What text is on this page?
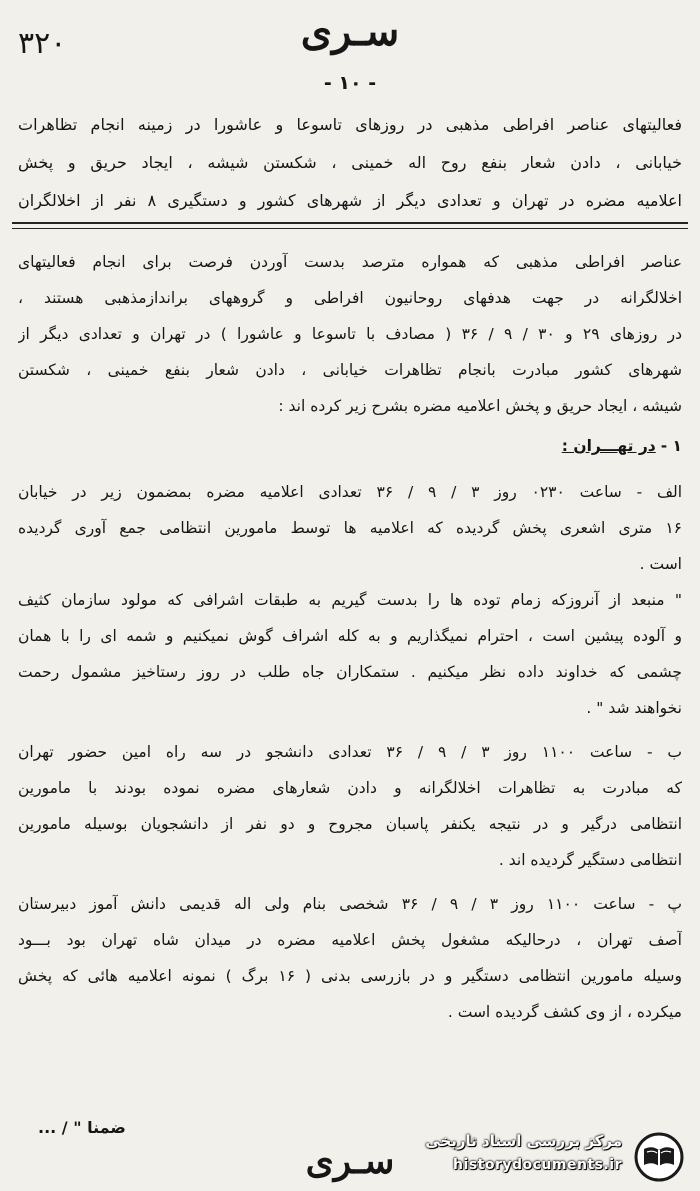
۳۲۰	سـری
- ۱۰ -
فعالیتهای عناصر افراطی مذهبی در روزهای تاسوعا و عاشورا در زمینه انجام تظاهرات
خیابانی ، دادن شعار بنفع روح اله خمینی ، شکستن شیشه ، ایجاد حریق و پخش
اعلامیه مضره در تهران و تعدادی دیگر از شهرهای کشور و دستگیری ۸ نفر از اخلالگران
عناصر افراطی مذهبی که همواره مترصد بدست آوردن فرصت برای انجام فعالیتهای
اخلالگرانه در جهت هدفهای روحانیون افراطی و گروههای براندازمذهبی هستند ،
در روزهای ۲۹ و ۳۰ / ۹ / ۳۶ ( مصادف با تاسوعا و عاشورا ) در تهران و تعدادی دیگر از
شهرهای کشور مبادرت بانجام تظاهرات خیابانی ، دادن شعار بنفع خمینی ، شکستن
شیشه ، ایجاد حریق و پخش اعلامیه مضره بشرح زیر کرده اند :
۱ - در تهـــران :
الف - ساعت ۰۲۳۰ روز ۳ / ۹ / ۳۶ تعدادی اعلامیه مضره بمضمون زیر در خیابان
۱۶ متری اشعری پخش گردیده که اعلامیه ها توسط مامورین انتظامی جمع آوری گردیده
است .
" منبعد از آنروزکه زمام توده ها را بدست گیریم به طبقات اشرافی که مولود سازمان کثیف
و آلوده پیشین است ، احترام نمیگذاریم و به کله اشراف گوش نمیکنیم و شمه ای را با همان
چشمی که خداوند داده نظر میکنیم . ستمکاران جاه طلب در روز رستاخیز مشمول رحمت
نخواهند شد " .
ب - ساعت ۱۱۰۰ روز ۳ / ۹ / ۳۶ تعدادی دانشجو در سه راه امین حضور تهران
که مبادرت به تظاهرات اخلالگرانه و دادن شعارهای مضره نموده بودند با مامورین
انتظامی درگیر و در نتیجه یکنفر پاسبان مجروح و دو نفر از دانشجویان بوسیله مامورین
انتظامی دستگیر گردیده اند .
پ - ساعت ۱۱۰۰ روز ۳ / ۹ / ۳۶ شخصی بنام ولی اله قدیمی دانش آموز دبیرستان
آصف تهران ، درحالیکه مشغول پخش اعلامیه مضره در میدان شاه تهران بود بـــود
وسیله مامورین انتظامی دستگیر و در بازرسی بدنی ( ۱۶ برگ ) نمونه اعلامیه هائی که پخش
میکرده ، از وی کشف گردیده است .
ضمنا " / ...
سـری	مرکز بررسی اسناد تاریخی
historydocuments.ir
